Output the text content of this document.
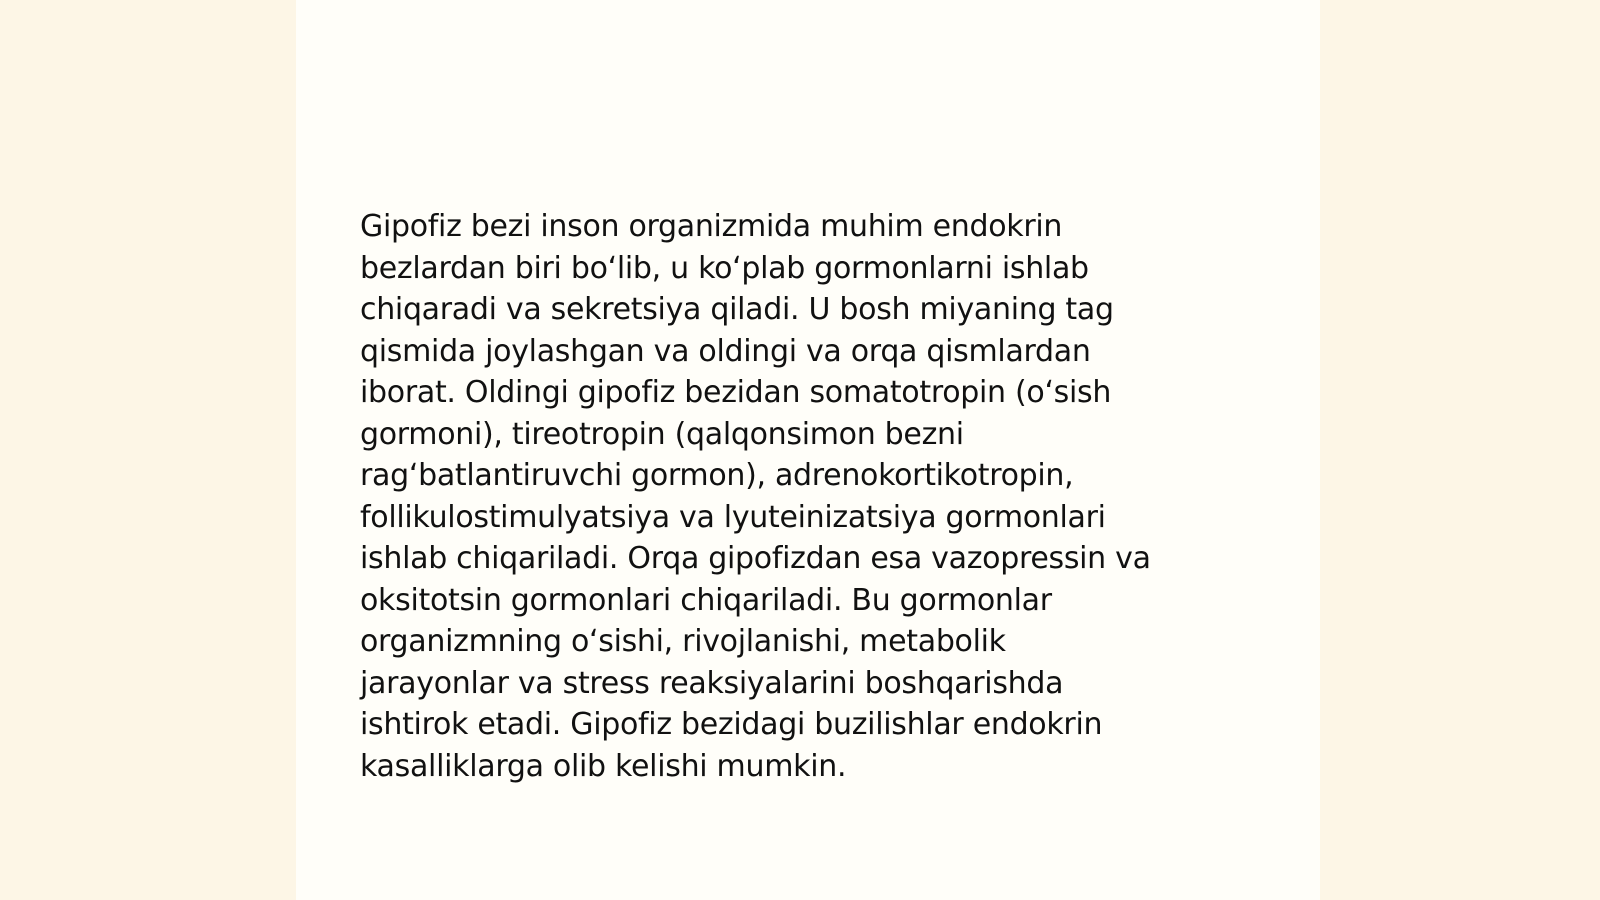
Gipofiz bezi inson organizmida muhim endokrin
bezlardan biri bo‘lib, u ko‘plab gormonlarni ishlab
chiqaradi va sekretsiya qiladi. U bosh miyaning tag
qismida joylashgan va oldingi va orqa qismlardan
iborat. Oldingi gipofiz bezidan somatotropin (o‘sish
gormoni), tireotropin (qalqonsimon bezni
rag‘batlantiruvchi gormon), adrenokortikotropin,
follikulostimulyatsiya va lyuteinizatsiya gormonlari
ishlab chiqariladi. Orqa gipofizdan esa vazopressin va
oksitotsin gormonlari chiqariladi. Bu gormonlar
organizmning o‘sishi, rivojlanishi, metabolik
jarayonlar va stress reaksiyalarini boshqarishda
ishtirok etadi. Gipofiz bezidagi buzilishlar endokrin
kasalliklarga olib kelishi mumkin.
